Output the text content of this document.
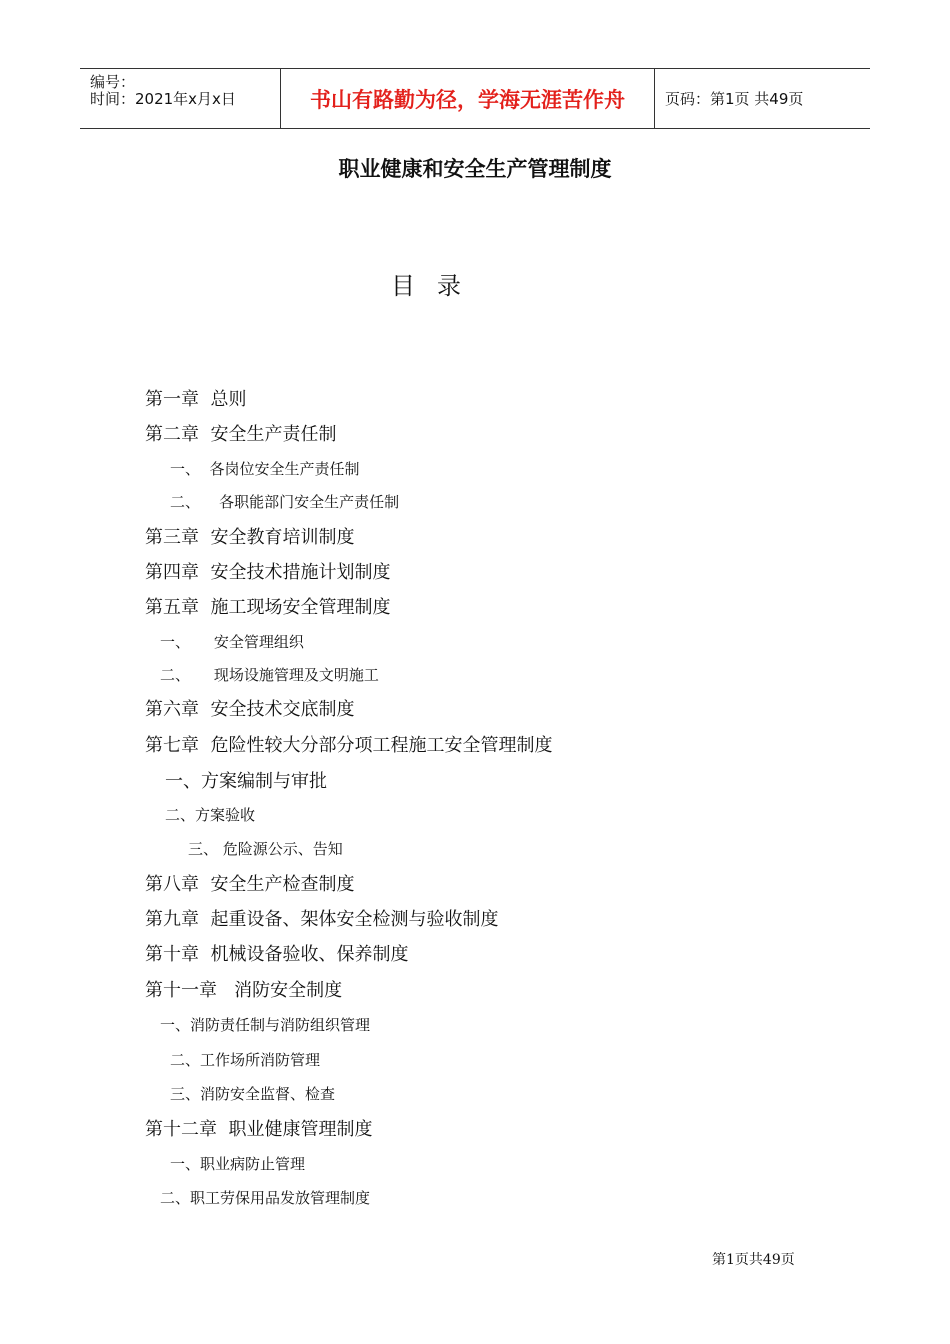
编号：
时间：2021年x月x日	书山有路勤为径，学海无涯苦作舟	页码：第1页 共49页
职业健康和安全生产管理制度
目录
第一章  总则
第二章  安全生产责任制
一、  各岗位安全生产责任制
二、    各职能部门安全生产责任制
第三章  安全教育培训制度
第四章  安全技术措施计划制度
第五章  施工现场安全管理制度
一、     安全管理组织
二、     现场设施管理及文明施工
第六章  安全技术交底制度
第七章  危险性较大分部分项工程施工安全管理制度
一、方案编制与审批
二、方案验收
三、 危险源公示、告知
第八章  安全生产检查制度
第九章  起重设备、架体安全检测与验收制度
第十章  机械设备验收、保养制度
第十一章   消防安全制度
一、消防责任制与消防组织管理
二、工作场所消防管理
三、消防安全监督、检查
第十二章  职业健康管理制度
一、职业病防止管理
二、职工劳保用品发放管理制度
第1页共49页
